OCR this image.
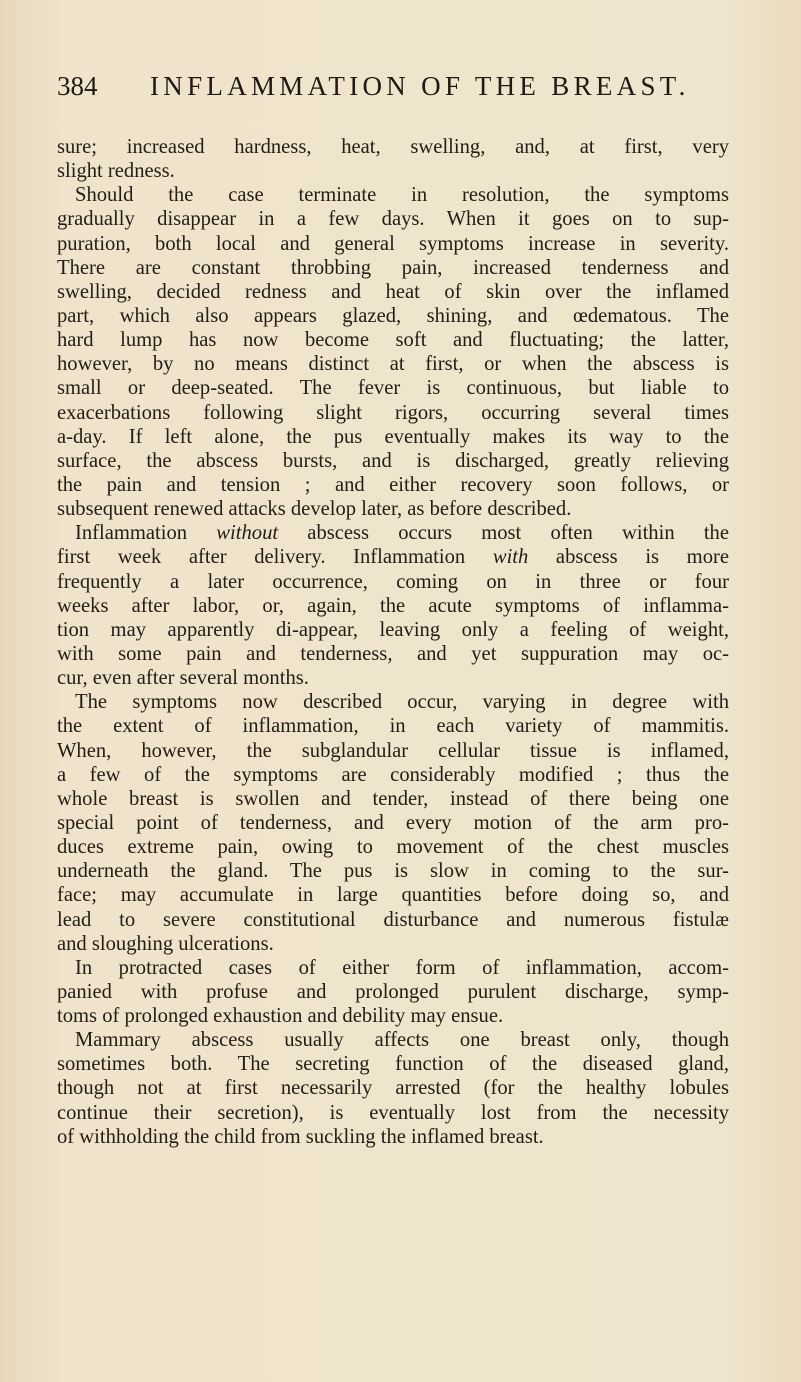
384 INFLAMMATION OF THE BREAST.
sure; increased hardness, heat, swelling, and, at first, very
slight redness.
Should the case terminate in resolution, the symptoms
gradually disappear in a few days. When it goes on to sup-
puration, both local and general symptoms increase in severity.
There are constant throbbing pain, increased tenderness and
swelling, decided redness and heat of skin over the inflamed
part, which also appears glazed, shining, and œdematous. The
hard lump has now become soft and fluctuating; the latter,
however, by no means distinct at first, or when the abscess is
small or deep-seated. The fever is continuous, but liable to
exacerbations following slight rigors, occurring several times
a-day. If left alone, the pus eventually makes its way to the
surface, the abscess bursts, and is discharged, greatly relieving
the pain and tension ; and either recovery soon follows, or
subsequent renewed attacks develop later, as before described.
Inflammation without abscess occurs most often within the
first week after delivery. Inflammation with abscess is more
frequently a later occurrence, coming on in three or four
weeks after labor, or, again, the acute symptoms of inflamma-
tion may apparently di-appear, leaving only a feeling of weight,
with some pain and tenderness, and yet suppuration may oc-
cur, even after several months.
The symptoms now described occur, varying in degree with
the extent of inflammation, in each variety of mammitis.
When, however, the subglandular cellular tissue is inflamed,
a few of the symptoms are considerably modified ; thus the
whole breast is swollen and tender, instead of there being one
special point of tenderness, and every motion of the arm pro-
duces extreme pain, owing to movement of the chest muscles
underneath the gland. The pus is slow in coming to the sur-
face; may accumulate in large quantities before doing so, and
lead to severe constitutional disturbance and numerous fistulæ
and sloughing ulcerations.
In protracted cases of either form of inflammation, accom-
panied with profuse and prolonged purulent discharge, symp-
toms of prolonged exhaustion and debility may ensue.
Mammary abscess usually affects one breast only, though
sometimes both. The secreting function of the diseased gland,
though not at first necessarily arrested (for the healthy lobules
continue their secretion), is eventually lost from the necessity
of withholding the child from suckling the inflamed breast.
